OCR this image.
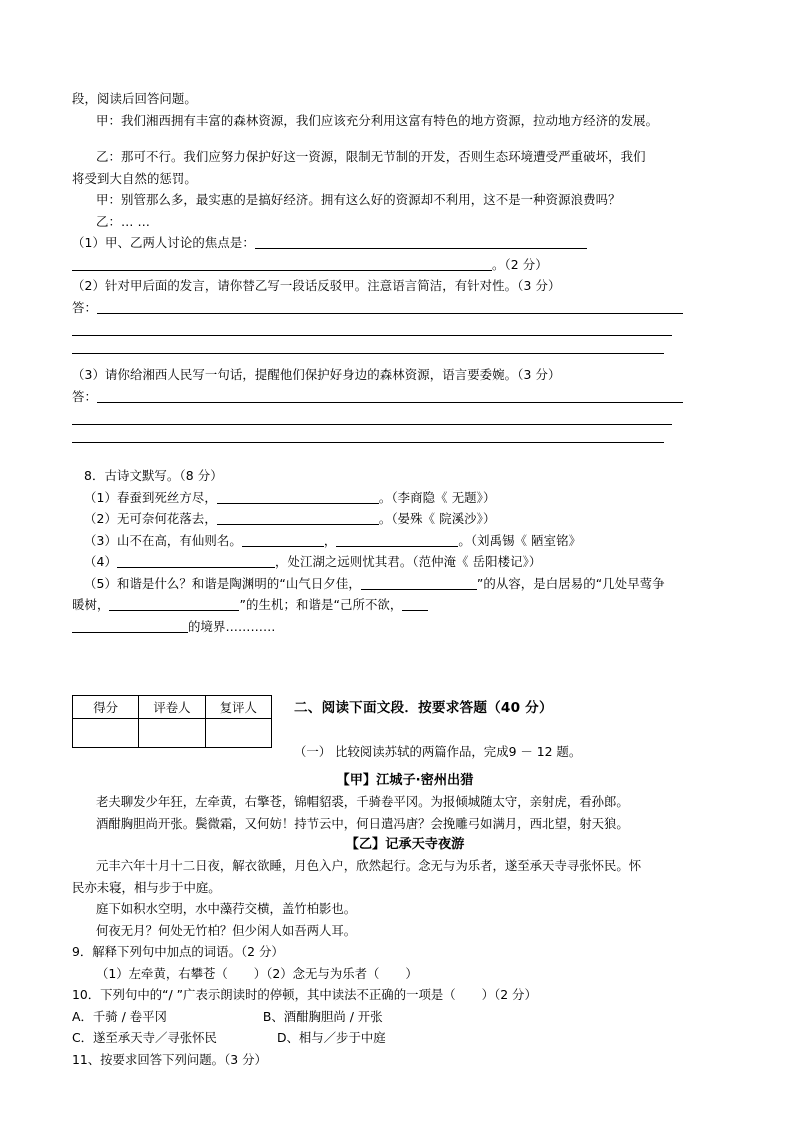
段，阅读后回答问题。
甲：我们湘西拥有丰富的森林资源，我们应该充分利用这富有特色的地方资源，拉动地方经济的发展。
乙：那可不行。我们应努力保护好这一资源，限制无节制的开发，否则生态环境遭受严重破坏，我们
将受到大自然的惩罚。
甲：别管那么多，最实惠的是搞好经济。拥有这么好的资源却不利用，这不是一种资源浪费吗？
乙：… …
（1）甲、乙两人讨论的焦点是：
。（2 分）
（2）针对甲后面的发言，请你替乙写一段话反驳甲。注意语言简洁，有针对性。（3 分）
答：
（3）请你给湘西人民写一句话，提醒他们保护好身边的森林资源，语言要委婉。（3 分）
答：
8．古诗文默写。（8 分）
（1）春蚕到死丝方尽，	。（李商隐《 无题》）
（2）无可奈何花落去，	。（晏殊《 院溪沙》）
（3）山不在高，有仙则名。	，	。（刘禹锡《 陋室铭》
（4）	，处江湖之远则忧其君。（范仲淹《 岳阳楼记》）
（5）和谐是什么？和谐是陶渊明的“山气日夕佳，	”的从容，是白居易的“几处早莺争
暖树，	”的生机；和谐是“己所不欲，
的境界…………
得分	评卷人	复评人
			二、阅读下面文段．按要求答题（40 分）
（一） 比较阅读苏轼的两篇作品，完成9 － 12 题。
【甲】江城子·密州出猎
老夫聊发少年狂，左牵黄，右擎苍，锦帽貂裘，千骑卷平冈。为报倾城随太守，亲射虎，看孙郎。
酒酣胸胆尚开张。鬓微霜，又何妨！持节云中，何日遣冯唐？会挽雕弓如满月，西北望，射天狼。
【乙】记承天寺夜游
元丰六年十月十二日夜，解衣欲睡，月色入户，欣然起行。念无与为乐者，遂至承天寺寻张怀民。怀
民亦未寝，相与步于中庭。
庭下如积水空明，水中藻荇交横，盖竹柏影也。
何夜无月？何处无竹柏？但少闲人如吾两人耳。
9．解释下列句中加点的词语。（2 分）
（1）左牵黄，右攀苍（ ）（2）念无与为乐者（ ）
10．下列句中的“/ ”广表示朗读时的停顿，其中读法不正确的一项是（ ）（2 分）
A．千骑 / 卷平冈	B、酒酣胸胆尚 / 开张
C．遂至承天寺／寻张怀民	D、相与／步于中庭
11、按要求回答下列问题。（3 分）
